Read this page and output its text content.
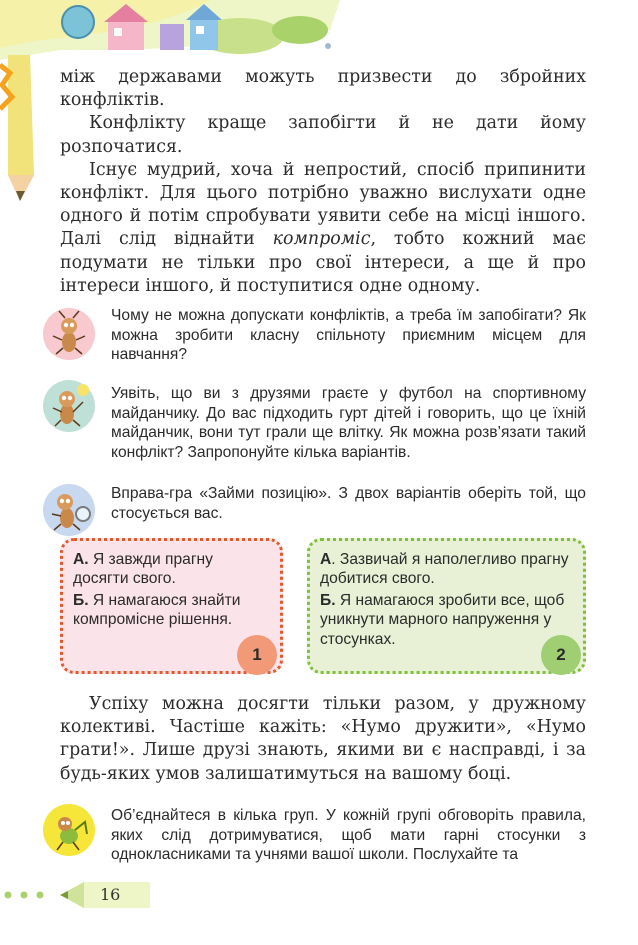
між державами можуть призвести до збройних конфліктів.

Конфлікту краще запобігти й не дати йому розпочатися.

Існує мудрий, хоча й непростий, спосіб припинити конфлікт. Для цього потрібно уважно вислухати одне одного й потім спробувати уявити себе на місці іншого. Далі слід віднайти компроміс, тобто кожний має подумати не тільки про свої інтереси, а ще й про інтереси іншого, й поступитися одне одному.

Чому не можна допускати конфліктів, а треба їм запобігати? Як можна зробити класну спільноту приємним місцем для навчання?
Уявіть, що ви з друзями граєте у футбол на спортивному майданчику. До вас підходить гурт дітей і говорить, що це їхній майданчик, вони тут грали ще влітку. Як можна розв’язати такий конфлікт? Запропонуйте кілька варіантів.
Вправа-гра «Займи позицію». З двох варіантів оберіть той, що стосується вас.

А. Я завжди прагну досягти свого.

Б. Я намагаюся знайти компромісне рішення.

1

А. Зазвичай я наполегливо прагну добитися свого.

Б. Я намагаюся зробити все, щоб уникнути марного напруження у стосунках.

2
Успіху можна досягти тільки разом, у дружному колективі. Частіше кажіть: «Нумо дружити», «Нумо грати!». Лише друзі знають, якими ви є насправді, і за будь-яких умов залишатимуться на вашому боці.
Об’єднайтеся в кілька груп. У кожній групі обговоріть правила, яких слід дотримуватися, щоб мати гарні стосунки з однокласниками та учнями вашої школи. Послухайте та
16
